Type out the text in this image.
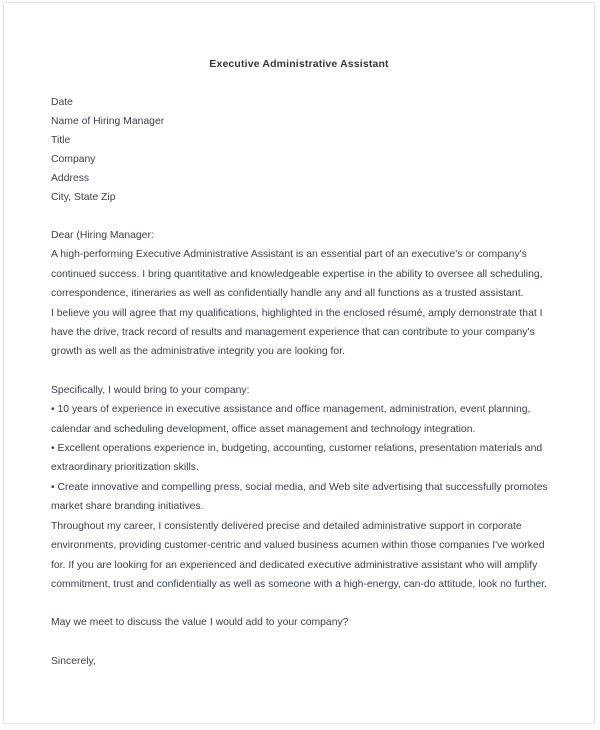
Executive Administrative Assistant
Date
Name of Hiring Manager
Title
Company
Address
City, State Zip
Dear (Hiring Manager:

A high-performing Executive Administrative Assistant is an essential part of an executive's or company's continued success. I bring quantitative and knowledgeable expertise in the ability to oversee all scheduling, correspondence, itineraries as well as confidentially handle any and all functions as a trusted assistant.

I believe you will agree that my qualifications, highlighted in the enclosed résumé, amply demonstrate that I have the drive, track record of results and management experience that can contribute to your company's growth as well as the administrative integrity you are looking for.

Specifically, I would bring to your company:

• 10 years of experience in executive assistance and office management, administration, event planning, calendar and scheduling development, office asset management and technology integration.

• Excellent operations experience in, budgeting, accounting, customer relations, presentation materials and extraordinary prioritization skills.

• Create innovative and compelling press, social media, and Web site advertising that successfully promotes market share branding initiatives.

Throughout my career, I consistently delivered precise and detailed administrative support in corporate environments, providing customer-centric and valued business acumen within those companies I've worked for. If you are looking for an experienced and dedicated executive administrative assistant who will amplify commitment, trust and confidentially as well as someone with a high-energy, can-do attitude, look no further.

May we meet to discuss the value I would add to your company?

Sincerely,
